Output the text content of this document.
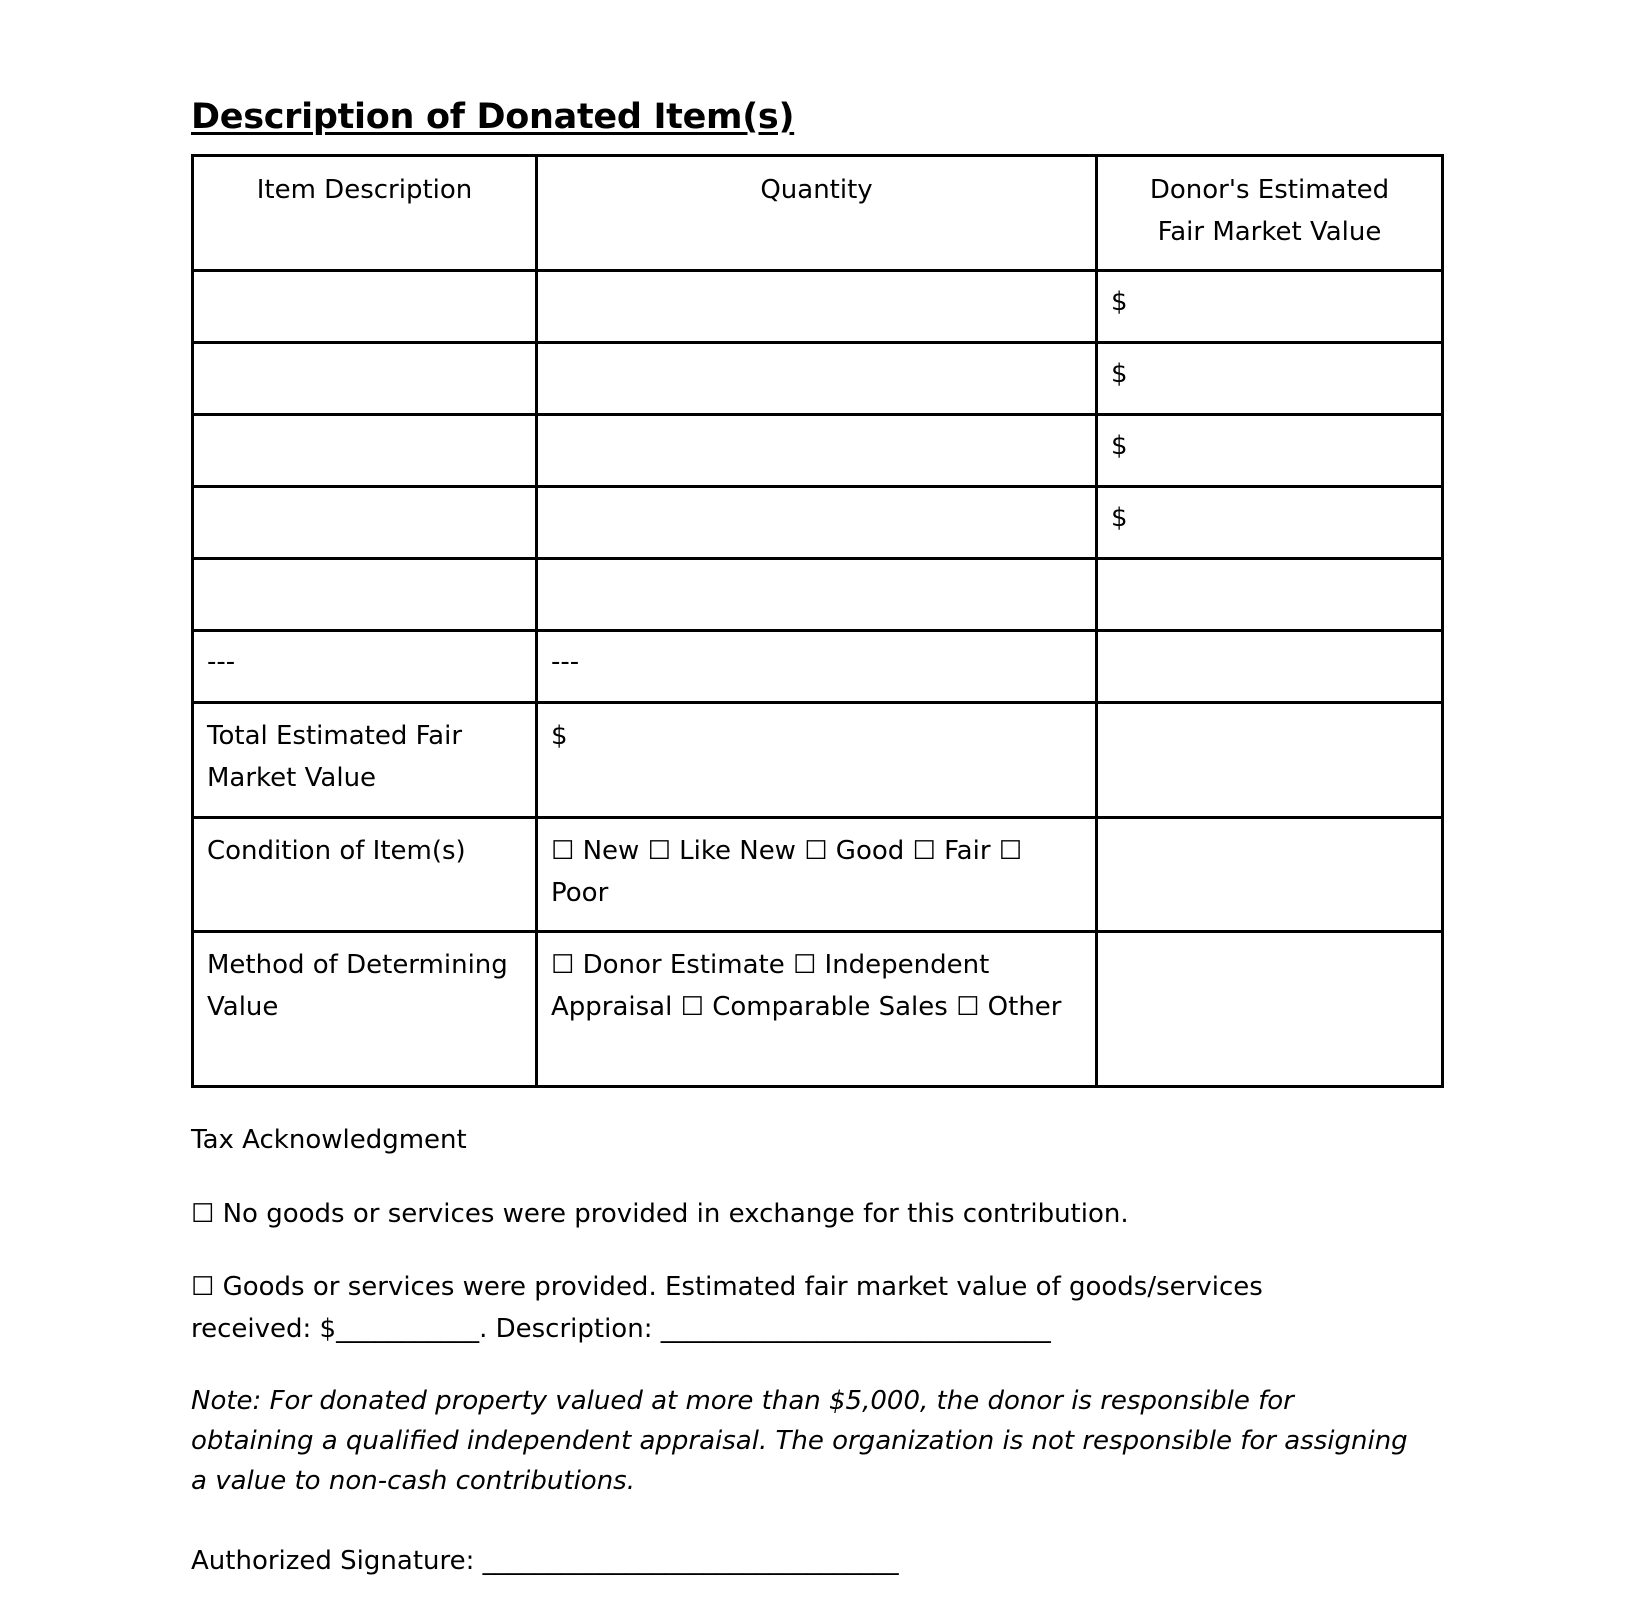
Description of Donated Item(s)
Item Description	Quantity	Donor's Estimated Fair Market Value
		$
		$
		$
		$

---	---	
Total Estimated Fair Market Value	$	
Condition of Item(s)	☐ New ☐ Like New ☐ Good ☐ Fair ☐ Poor	
Method of Determining Value	☐ Donor Estimate ☐ Independent Appraisal ☐ Comparable Sales ☐ Other	

Tax Acknowledgment

☐ No goods or services were provided in exchange for this contribution.

☐ Goods or services were provided. Estimated fair market value of goods/services received: $___________. Description: ______________________________

Note: For donated property valued at more than $5,000, the donor is responsible for obtaining a qualified independent appraisal. The organization is not responsible for assigning a value to non-cash contributions.

Authorized Signature: ________________________________
